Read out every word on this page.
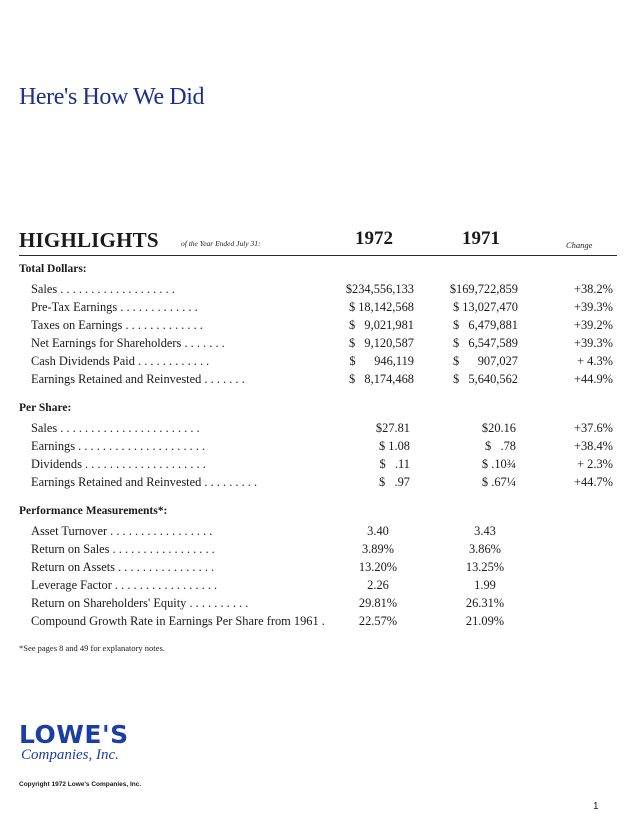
Here's How We Did
HIGHLIGHTS	of the Year Ended July 31:	1972	1971	Change
Total Dollars:
Sales . . . . . . . . . . . . . . . . . . .	$234,556,133	$169,722,859	+38.2%
Pre-Tax Earnings . . . . . . . . . . . . .	$ 18,142,568	$ 13,027,470	+39.3%
Taxes on Earnings . . . . . . . . . . . . .	$   9,021,981	$   6,479,881	+39.2%
Net Earnings for Shareholders . . . . . . .	$   9,120,587	$   6,547,589	+39.3%
Cash Dividends Paid . . . . . . . . . . . .	$      946,119	$      907,027	+ 4.3%
Earnings Retained and Reinvested . . . . . . .	$   8,174,468	$   5,640,562	+44.9%
Per Share:
Sales . . . . . . . . . . . . . . . . . . . . . . .	$27.81	$20.16	+37.6%
Earnings . . . . . . . . . . . . . . . . . . . . .	$ 1.08	$   .78	+38.4%
Dividends . . . . . . . . . . . . . . . . . . . .	$   .11	$ .10¾	+ 2.3%
Earnings Retained and Reinvested . . . . . . . . .	$   .97	$ .67¼	+44.7%
Performance Measurements*:
Asset Turnover . . . . . . . . . . . . . . . . .	3.40	3.43
Return on Sales . . . . . . . . . . . . . . . . .	3.89%	3.86%
Return on Assets . . . . . . . . . . . . . . . .	13.20%	13.25%
Leverage Factor . . . . . . . . . . . . . . . . .	2.26	1.99
Return on Shareholders' Equity . . . . . . . . . .	29.81%	26.31%
Compound Growth Rate in Earnings Per Share from 1961 .	22.57%	21.09%
*See pages 8 and 49 for explanatory notes.
LOWE'S
Companies, Inc.
Copyright 1972 Lowe's Companies, Inc.
1
